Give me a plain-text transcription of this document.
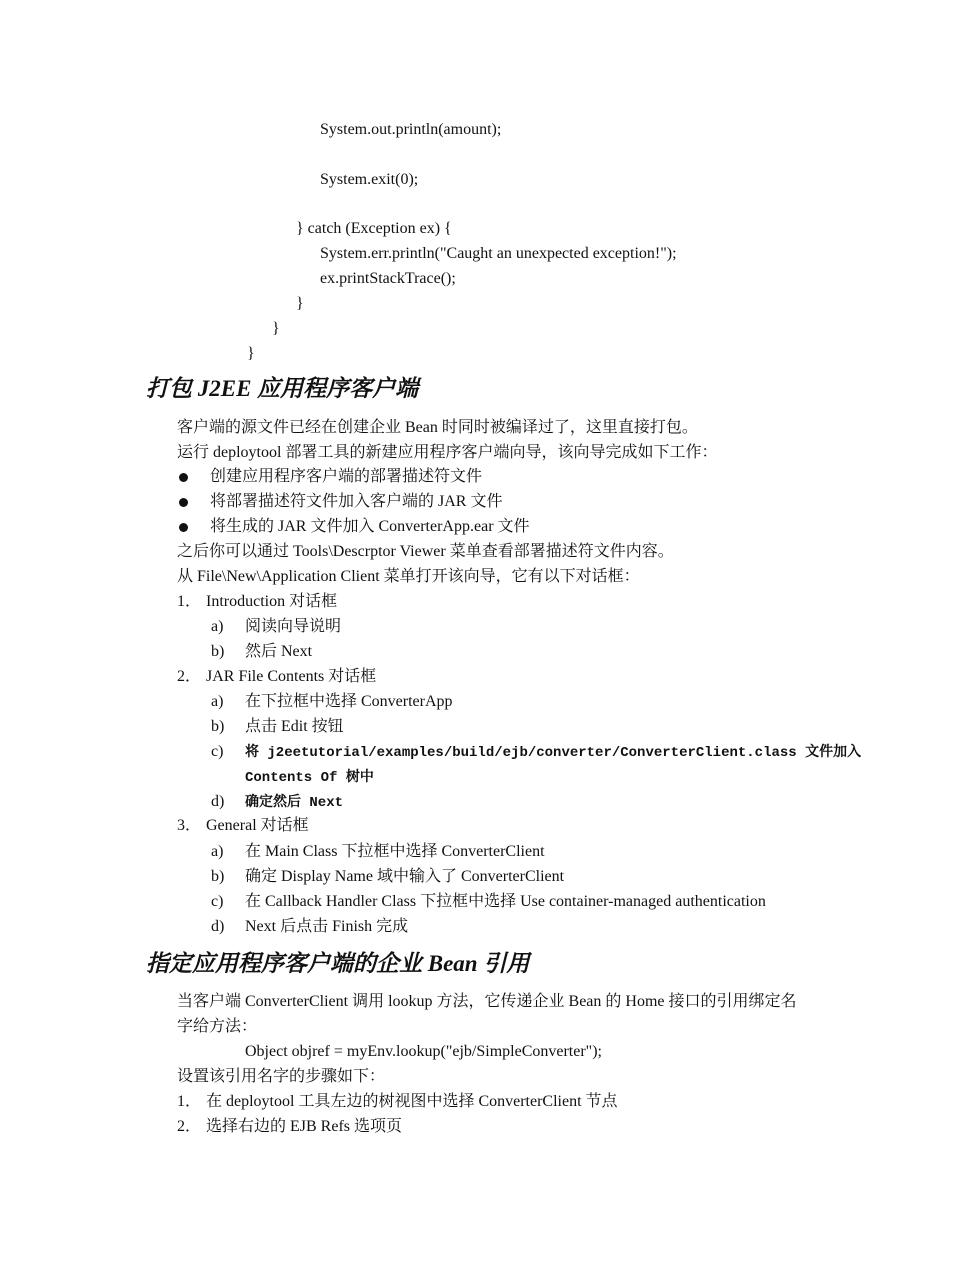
System.out.println(amount);
System.exit(0);
} catch (Exception ex) {
System.err.println("Caught an unexpected exception!");
ex.printStackTrace();
}
}
}
打包 J2EE 应用程序客户端
客户端的源文件已经在创建企业 Bean 时同时被编译过了，这里直接打包。
运行 deploytool 部署工具的新建应用程序客户端向导，该向导完成如下工作：
创建应用程序客户端的部署描述符文件
将部署描述符文件加入客户端的 JAR 文件
将生成的 JAR 文件加入 ConverterApp.ear 文件
之后你可以通过 Tools\Descrptor Viewer 菜单查看部署描述符文件内容。
从 File\New\Application Client 菜单打开该向导，它有以下对话框：
1． Introduction 对话框
a) 阅读向导说明
b) 然后 Next
2． JAR File Contents 对话框
a) 在下拉框中选择 ConverterApp
b) 点击 Edit 按钮
c) 将 j2eetutorial/examples/build/ejb/converter/ConverterClient.class 文件加入
Contents Of 树中
d) 确定然后 Next
3． General 对话框
a) 在 Main Class 下拉框中选择 ConverterClient
b) 确定 Display Name 域中输入了 ConverterClient
c) 在 Callback Handler Class 下拉框中选择 Use container-managed authentication
d) Next 后点击 Finish 完成
指定应用程序客户端的企业 Bean 引用
当客户端 ConverterClient 调用 lookup 方法，它传递企业 Bean 的 Home 接口的引用绑定名
字给方法：
Object objref = myEnv.lookup("ejb/SimpleConverter");
设置该引用名字的步骤如下：
1． 在 deploytool 工具左边的树视图中选择 ConverterClient 节点
2． 选择右边的 EJB Refs 选项页
